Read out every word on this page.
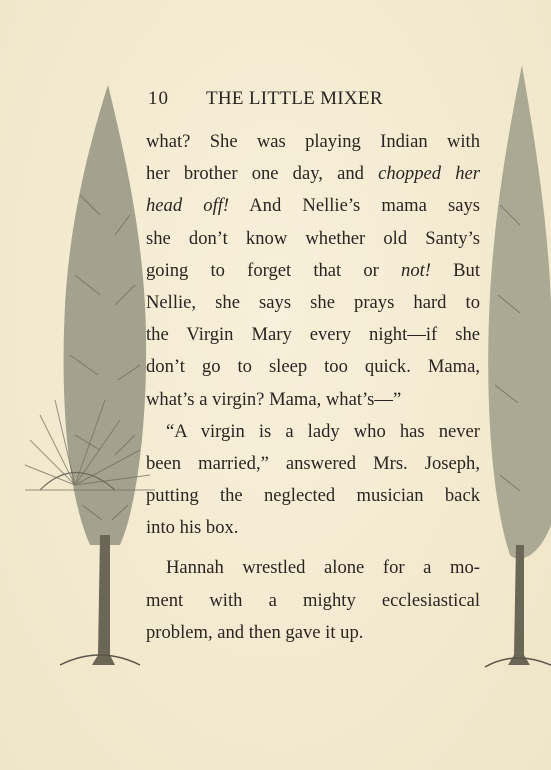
10 THE LITTLE MIXER
what? She was playing Indian with
her brother one day, and chopped her
head off! And Nellie’s mama says
she don’t know whether old Santy’s
going to forget that or not! But
Nellie, she says she prays hard to
the Virgin Mary every night—if she
don’t go to sleep too quick. Mama,
what’s a virgin? Mama, what’s—”
“A virgin is a lady who has never
been married,” answered Mrs. Joseph,
putting the neglected musician back
into his box.
Hannah wrestled alone for a mo-
ment with a mighty ecclesiastical
problem, and then gave it up.
